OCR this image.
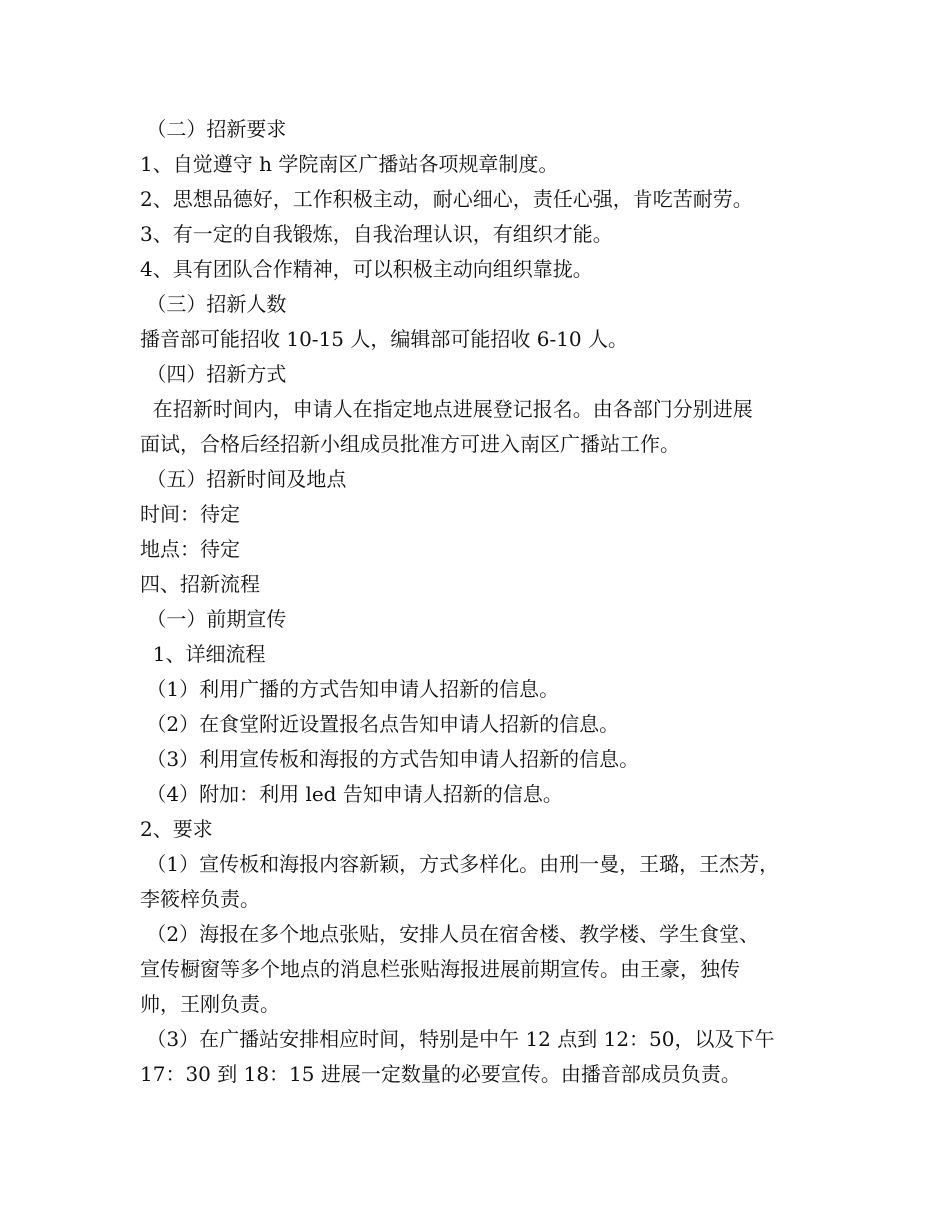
（二）招新要求
1、自觉遵守 h 学院南区广播站各项规章制度。
2、思想品德好，工作积极主动，耐心细心，责任心强，肯吃苦耐劳。
3、有一定的自我锻炼，自我治理认识，有组织才能。
4、具有团队合作精神，可以积极主动向组织靠拢。
（三）招新人数
播音部可能招收 10-15 人，编辑部可能招收 6-10 人。
（四）招新方式
在招新时间内，申请人在指定地点进展登记报名。由各部门分别进展
面试，合格后经招新小组成员批准方可进入南区广播站工作。
（五）招新时间及地点
时间：待定
地点：待定
四、招新流程
（一）前期宣传
1、详细流程
（1）利用广播的方式告知申请人招新的信息。
（2）在食堂附近设置报名点告知申请人招新的信息。
（3）利用宣传板和海报的方式告知申请人招新的信息。
（4）附加：利用 led 告知申请人招新的信息。
2、要求
（1）宣传板和海报内容新颖，方式多样化。由刑一曼，王璐，王杰芳，
李筱梓负责。
（2）海报在多个地点张贴，安排人员在宿舍楼、教学楼、学生食堂、
宣传橱窗等多个地点的消息栏张贴海报进展前期宣传。由王豪，独传
帅，王刚负责。
（3）在广播站安排相应时间，特别是中午 12 点到 12：50，以及下午
17：30 到 18：15 进展一定数量的必要宣传。由播音部成员负责。
